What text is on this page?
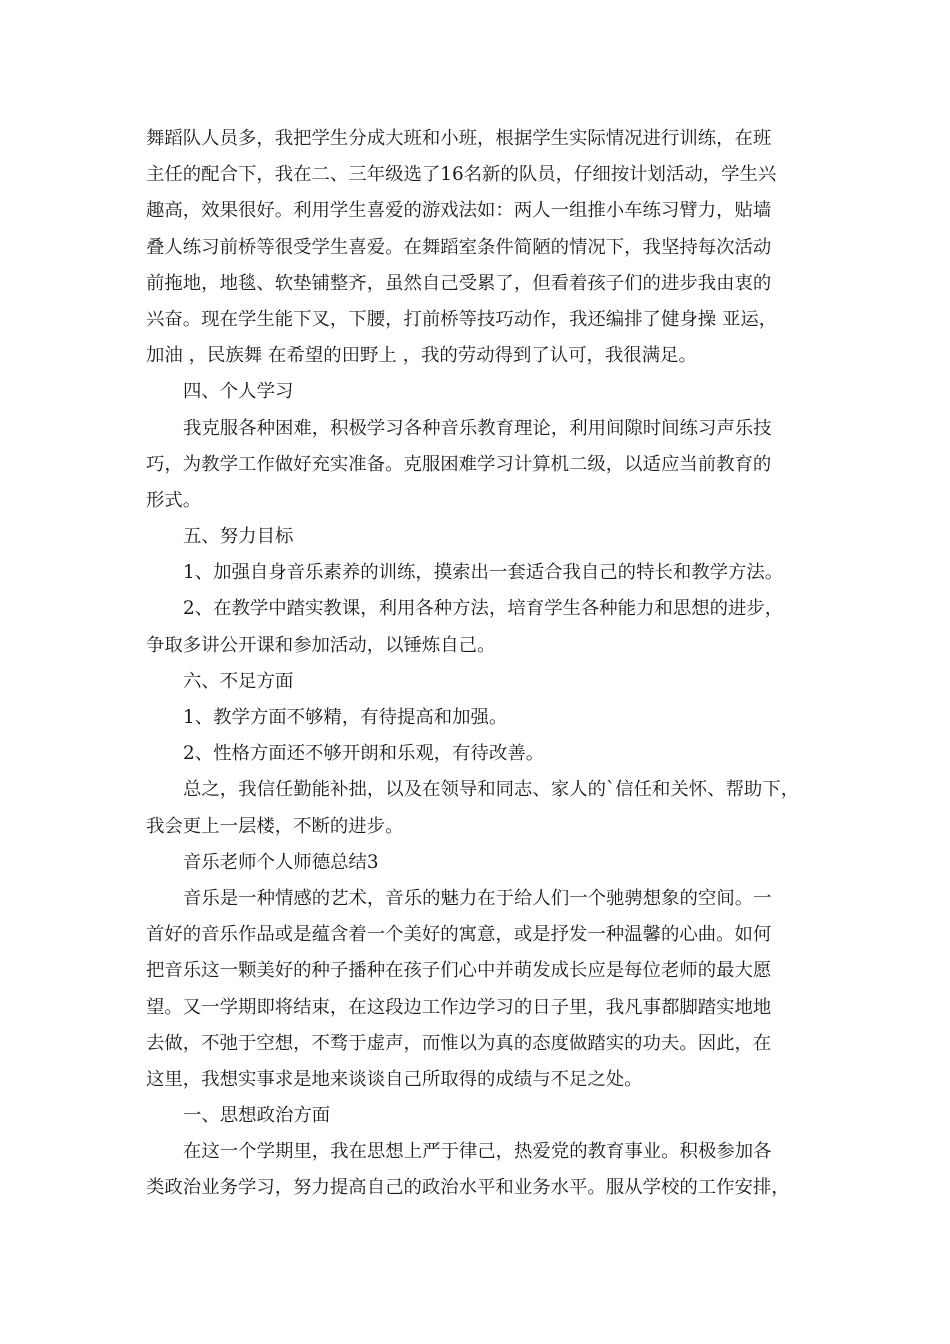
舞蹈队人员多，我把学生分成大班和小班，根据学生实际情况进行训练，在班
主任的配合下，我在二、三年级选了16名新的队员，仔细按计划活动，学生兴
趣高，效果很好。利用学生喜爱的游戏法如：两人一组推小车练习臂力，贴墙
叠人练习前桥等很受学生喜爱。在舞蹈室条件简陋的情况下，我坚持每次活动
前拖地，地毯、软垫铺整齐，虽然自己受累了，但看着孩子们的进步我由衷的
兴奋。现在学生能下叉，下腰，打前桥等技巧动作，我还编排了健身操 亚运，
加油 ，民族舞 在希望的田野上 ，我的劳动得到了认可，我很满足。
四、个人学习
我克服各种困难，积极学习各种音乐教育理论，利用间隙时间练习声乐技
巧，为教学工作做好充实准备。克服困难学习计算机二级，以适应当前教育的
形式。
五、努力目标
1、加强自身音乐素养的训练，摸索出一套适合我自己的特长和教学方法。
2、在教学中踏实教课，利用各种方法，培育学生各种能力和思想的进步，
争取多讲公开课和参加活动，以锤炼自己。
六、不足方面
1、教学方面不够精，有待提高和加强。
2、性格方面还不够开朗和乐观，有待改善。
总之，我信任勤能补拙，以及在领导和同志、家人的`信任和关怀、帮助下，
我会更上一层楼，不断的进步。
音乐老师个人师德总结3
音乐是一种情感的艺术，音乐的魅力在于给人们一个驰骋想象的空间。一
首好的音乐作品或是蕴含着一个美好的寓意，或是抒发一种温馨的心曲。如何
把音乐这一颗美好的种子播种在孩子们心中并萌发成长应是每位老师的最大愿
望。又一学期即将结束，在这段边工作边学习的日子里，我凡事都脚踏实地地
去做，不弛于空想，不骛于虚声，而惟以为真的态度做踏实的功夫。因此，在
这里，我想实事求是地来谈谈自己所取得的成绩与不足之处。
一、思想政治方面
在这一个学期里，我在思想上严于律己，热爱党的教育事业。积极参加各
类政治业务学习，努力提高自己的政治水平和业务水平。服从学校的工作安排，
